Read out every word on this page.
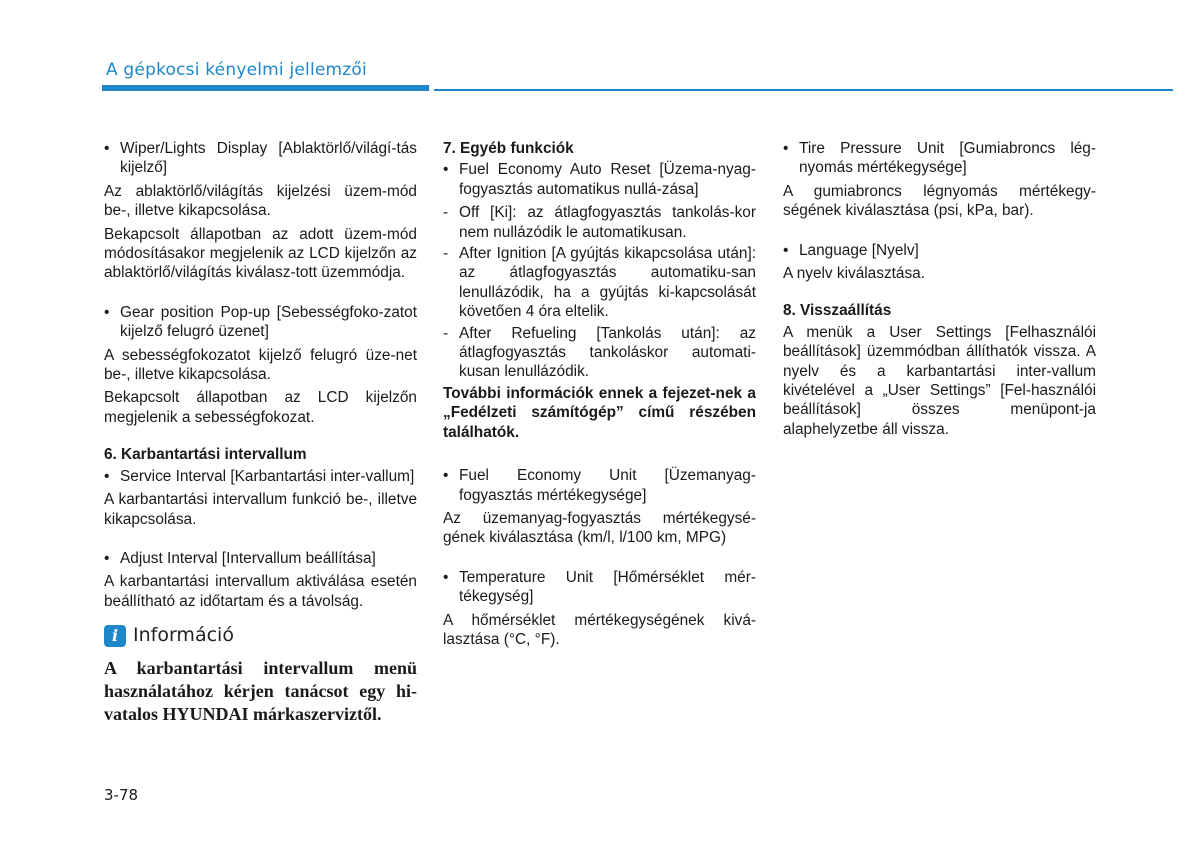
A gépkocsi kényelmi jellemzői
• Wiper/Lights Display [Ablaktörlő/világí-tás kijelző]

Az ablaktörlő/világítás kijelzési üzem-mód be-, illetve kikapcsolása.

Bekapcsolt állapotban az adott üzem-mód módosításakor megjelenik az LCD kijelzőn az ablaktörlő/világítás kiválasz-tott üzemmódja.

• Gear position Pop-up [Sebességfoko-zatot kijelző felugró üzenet]

A sebességfokozatot kijelző felugró üze-net be-, illetve kikapcsolása.

Bekapcsolt állapotban az LCD kijelzőn megjelenik a sebességfokozat.

6. Karbantartási intervallum
• Service Interval [Karbantartási inter-vallum]

A karbantartási intervallum funkció be-, illetve kikapcsolása.

• Adjust Interval [Intervallum beállítása]

A karbantartási intervallum aktiválása esetén beállítható az időtartam és a távolság.

i Információ

A karbantartási intervallum menü használatához kérjen tanácsot egy hi-vatalos HYUNDAI márkaszerviztől.

7. Egyéb funkciók
• Fuel Economy Auto Reset [Üzema-nyag-fogyasztás automatikus nullá-zása]
- Off [Ki]: az átlagfogyasztás tankolás-kor nem nullázódik le automatikusan.
- After Ignition [A gyújtás kikapcsolása után]: az átlagfogyasztás automatiku-san lenullázódik, ha a gyújtás ki-kapcsolását követően 4 óra eltelik.
- After Refueling [Tankolás után]: az átlagfogyasztás tankoláskor automati-kusan lenullázódik.

További információk ennek a fejezet-nek a „Fedélzeti számítógép” című részében találhatók.

• Fuel Economy Unit [Üzemanyag-fogyasztás mértékegysége]

Az üzemanyag-fogyasztás mértékegysé-gének kiválasztása (km/l, l/100 km, MPG)

• Temperature Unit [Hőmérséklet mér-tékegység]

A hőmérséklet mértékegységének kivá-lasztása (°C, °F).

• Tire Pressure Unit [Gumiabroncs lég-nyomás mértékegysége]

A gumiabroncs légnyomás mértékegy-ségének kiválasztása (psi, kPa, bar).

• Language [Nyelv]

A nyelv kiválasztása.

8. Visszaállítás

A menük a User Settings [Felhasználói beállítások] üzemmódban állíthatók vissza. A nyelv és a karbantartási inter-vallum kivételével a „User Settings” [Fel-használói beállítások] összes menüpont-ja alaphelyzetbe áll vissza.

3-78
